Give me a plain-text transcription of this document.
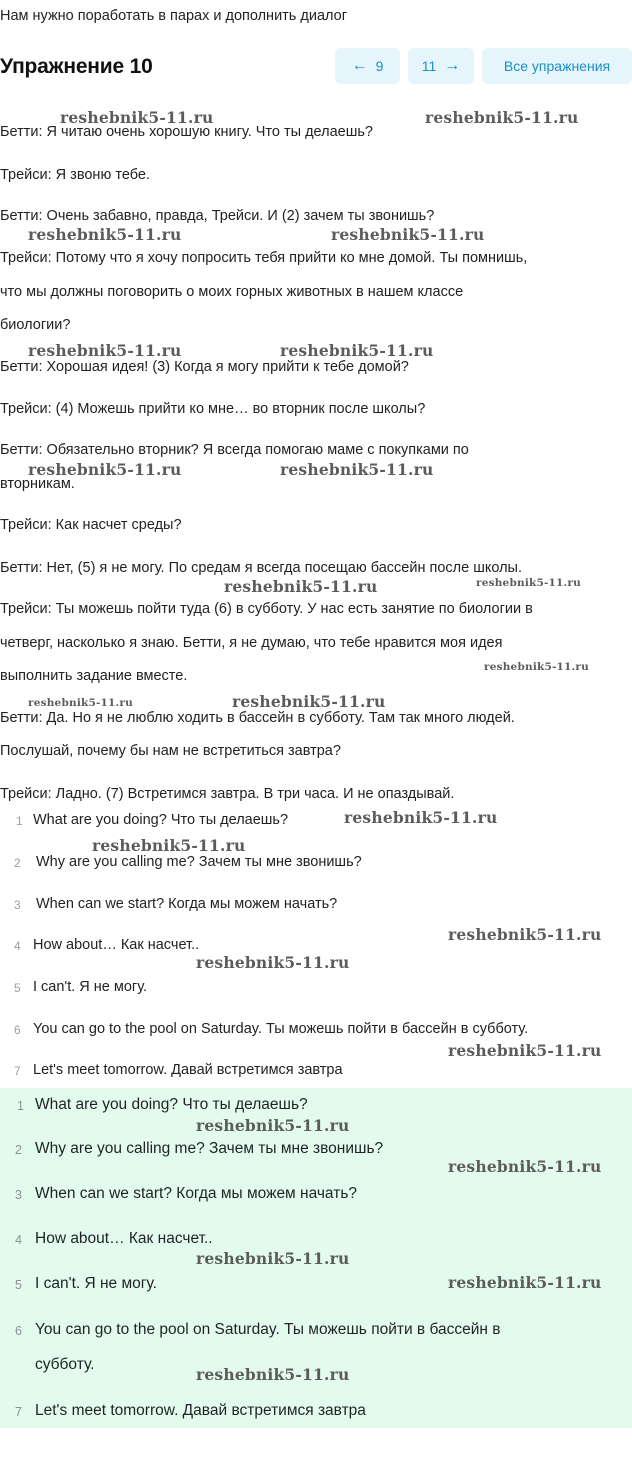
Нам нужно поработать в парах и дополнить диалог
Упражнение 10	← 9	11 →	Все упражнения
Бетти: Я читаю очень хорошую книгу. Что ты делаешь?
Трейси: Я звоню тебе.
Бетти: Очень забавно, правда, Трейси. И (2) зачем ты звонишь?
Трейси: Потому что я хочу попросить тебя прийти ко мне домой. Ты помнишь,
что мы должны поговорить о моих горных животных в нашем классе
биологии?
Бетти: Хорошая идея! (3) Когда я могу прийти к тебе домой?
Трейси: (4) Можешь прийти ко мне… во вторник после школы?
Бетти: Обязательно вторник? Я всегда помогаю маме с покупками по
вторникам.
Трейси: Как насчет среды?
Бетти: Нет, (5) я не могу. По средам я всегда посещаю бассейн после школы.
Трейси: Ты можешь пойти туда (6) в субботу. У нас есть занятие по биологии в
четверг, насколько я знаю. Бетти, я не думаю, что тебе нравится моя идея
выполнить задание вместе.
Бетти: Да. Но я не люблю ходить в бассейн в субботу. Там так много людей.
Послушай, почему бы нам не встретиться завтра?
Трейси: Ладно. (7) Встретимся завтра. В три часа. И не опаздывай.
1 What are you doing? Что ты делаешь?
2 Why are you calling me? Зачем ты мне звонишь?
3 When can we start? Когда мы можем начать?
4 How about… Как насчет..
5 I can't. Я не могу.
6 You can go to the pool on Saturday. Ты можешь пойти в бассейн в субботу.
7 Let's meet tomorrow. Давай встретимся завтра
1 What are you doing? Что ты делаешь?
2 Why are you calling me? Зачем ты мне звонишь?
3 When can we start? Когда мы можем начать?
4 How about… Как насчет..
5 I can't. Я не могу.
6 You can go to the pool on Saturday. Ты можешь пойти в бассейн в
субботу.
7 Let's meet tomorrow. Давай встретимся завтра
reshebnik5-11.ru	reshebnik5-11.ru
reshebnik5-11.ru	reshebnik5-11.ru
reshebnik5-11.ru	reshebnik5-11.ru
reshebnik5-11.ru	reshebnik5-11.ru
reshebnik5-11.ru	reshebnik5-11.ru
reshebnik5-11.ru
reshebnik5-11.ru	reshebnik5-11.ru
reshebnik5-11.ru
reshebnik5-11.ru
reshebnik5-11.ru
reshebnik5-11.ru
reshebnik5-11.ru
reshebnik5-11.ru
reshebnik5-11.ru
reshebnik5-11.ru
reshebnik5-11.ru
reshebnik5-11.ru
